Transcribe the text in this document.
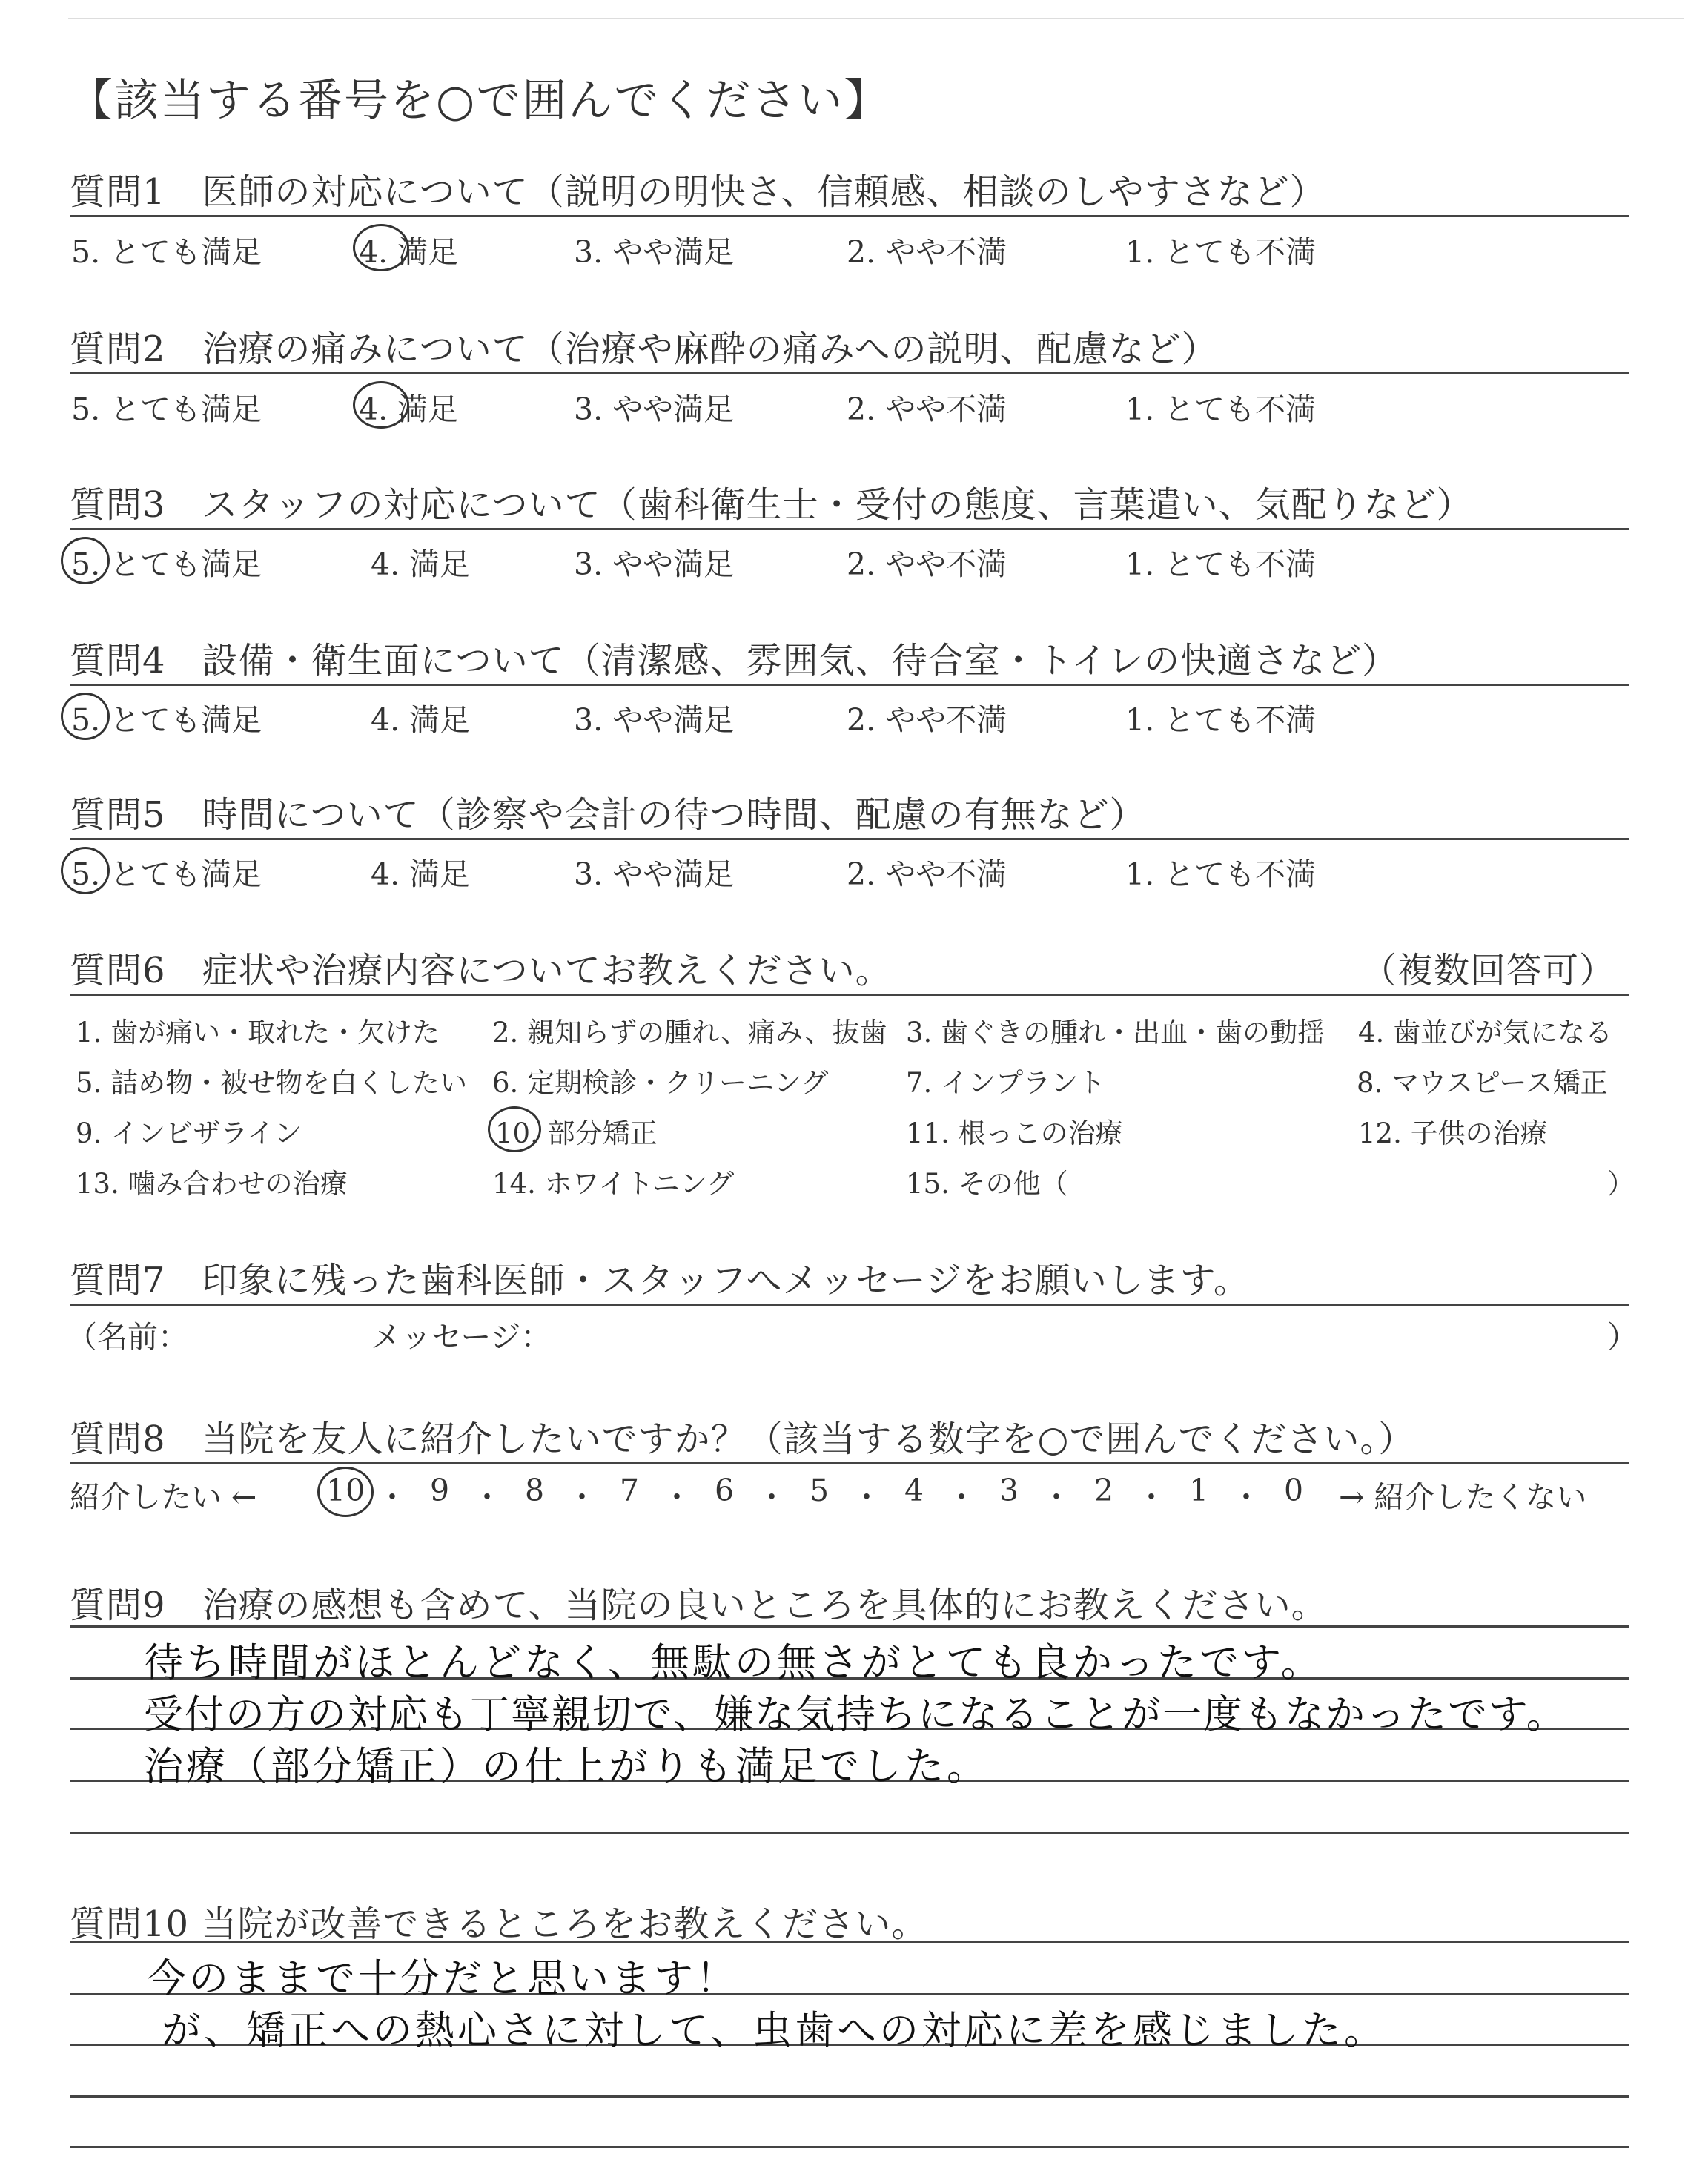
【該当する番号を○で囲んでください】
質問1　医師の対応について（説明の明快さ、信頼感、相談のしやすさなど）
5. とても満足	4. 満足	3. やや満足	2. やや不満	1. とても不満
質問2　治療の痛みについて（治療や麻酔の痛みへの説明、配慮など）
5. とても満足	4. 満足	3. やや満足	2. やや不満	1. とても不満
質問3　スタッフの対応について（歯科衛生士・受付の態度、言葉遣い、気配りなど）
5. とても満足	4. 満足	3. やや満足	2. やや不満	1. とても不満
質問4　設備・衛生面について（清潔感、雰囲気、待合室・トイレの快適さなど）
5. とても満足	4. 満足	3. やや満足	2. やや不満	1. とても不満
質問5　時間について（診察や会計の待つ時間、配慮の有無など）
5. とても満足	4. 満足	3. やや満足	2. やや不満	1. とても不満
質問6　症状や治療内容についてお教えください。	（複数回答可）
1. 歯が痛い・取れた・欠けた 2. 親知らずの腫れ、痛み、抜歯 3. 歯ぐきの腫れ・出血・歯の動揺 4. 歯並びが気になる
5. 詰め物・被せ物を白くしたい 6. 定期検診・クリーニング	7. インプラント	8. マウスピース矯正
9. インビザライン	10. 部分矯正	11. 根っこの治療	12. 子供の治療
13. 噛み合わせの治療	14. ホワイトニング	15. その他（	）
質問7　印象に残った歯科医師・スタッフへメッセージをお願いします。
（名前：	メッセージ：	）
質問8　当院を友人に紹介したいですか？（該当する数字を○で囲んでください。）
紹介したい ← 10 ・ 9 ・ 8 ・ 7 ・ 6 ・ 5 ・ 4 ・ 3 ・ 2 ・ 1 ・ 0 → 紹介したくない
質問9　治療の感想も含めて、当院の良いところを具体的にお教えください。
待ち時間がほとんどなく、無駄の無さがとても良かったです。
受付の方の対応も丁寧親切で、嫌な気持ちになることが一度もなかったです。
治療（部分矯正）の仕上がりも満足でした。
質問10 当院が改善できるところをお教えください。
今のままで十分だと思います！
が、矯正への熱心さに対して、虫歯への対応に差を感じました。
